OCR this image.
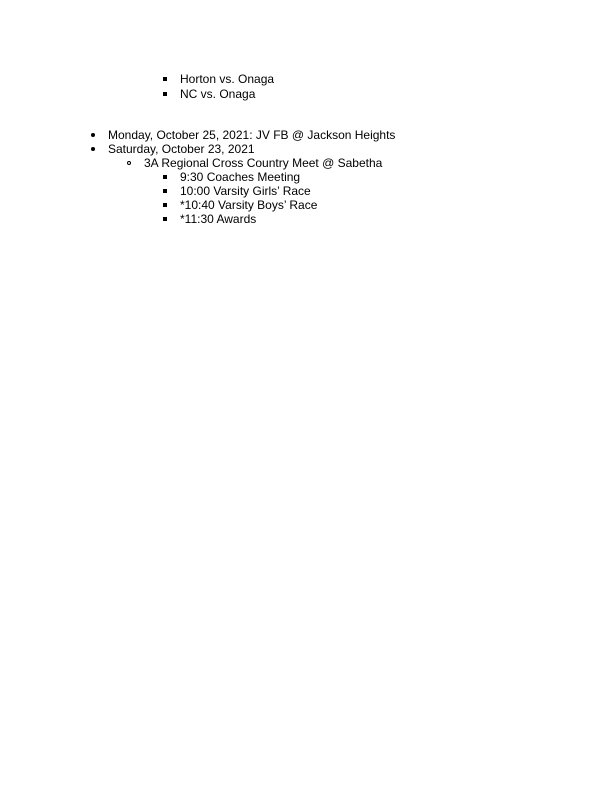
Horton vs. Onaga
NC vs. Onaga
Monday, October 25, 2021: JV FB @ Jackson Heights
Saturday, October 23, 2021
3A Regional Cross Country Meet @ Sabetha
9:30 Coaches Meeting
10:00 Varsity Girls’ Race
*10:40 Varsity Boys’ Race
*11:30 Awards
